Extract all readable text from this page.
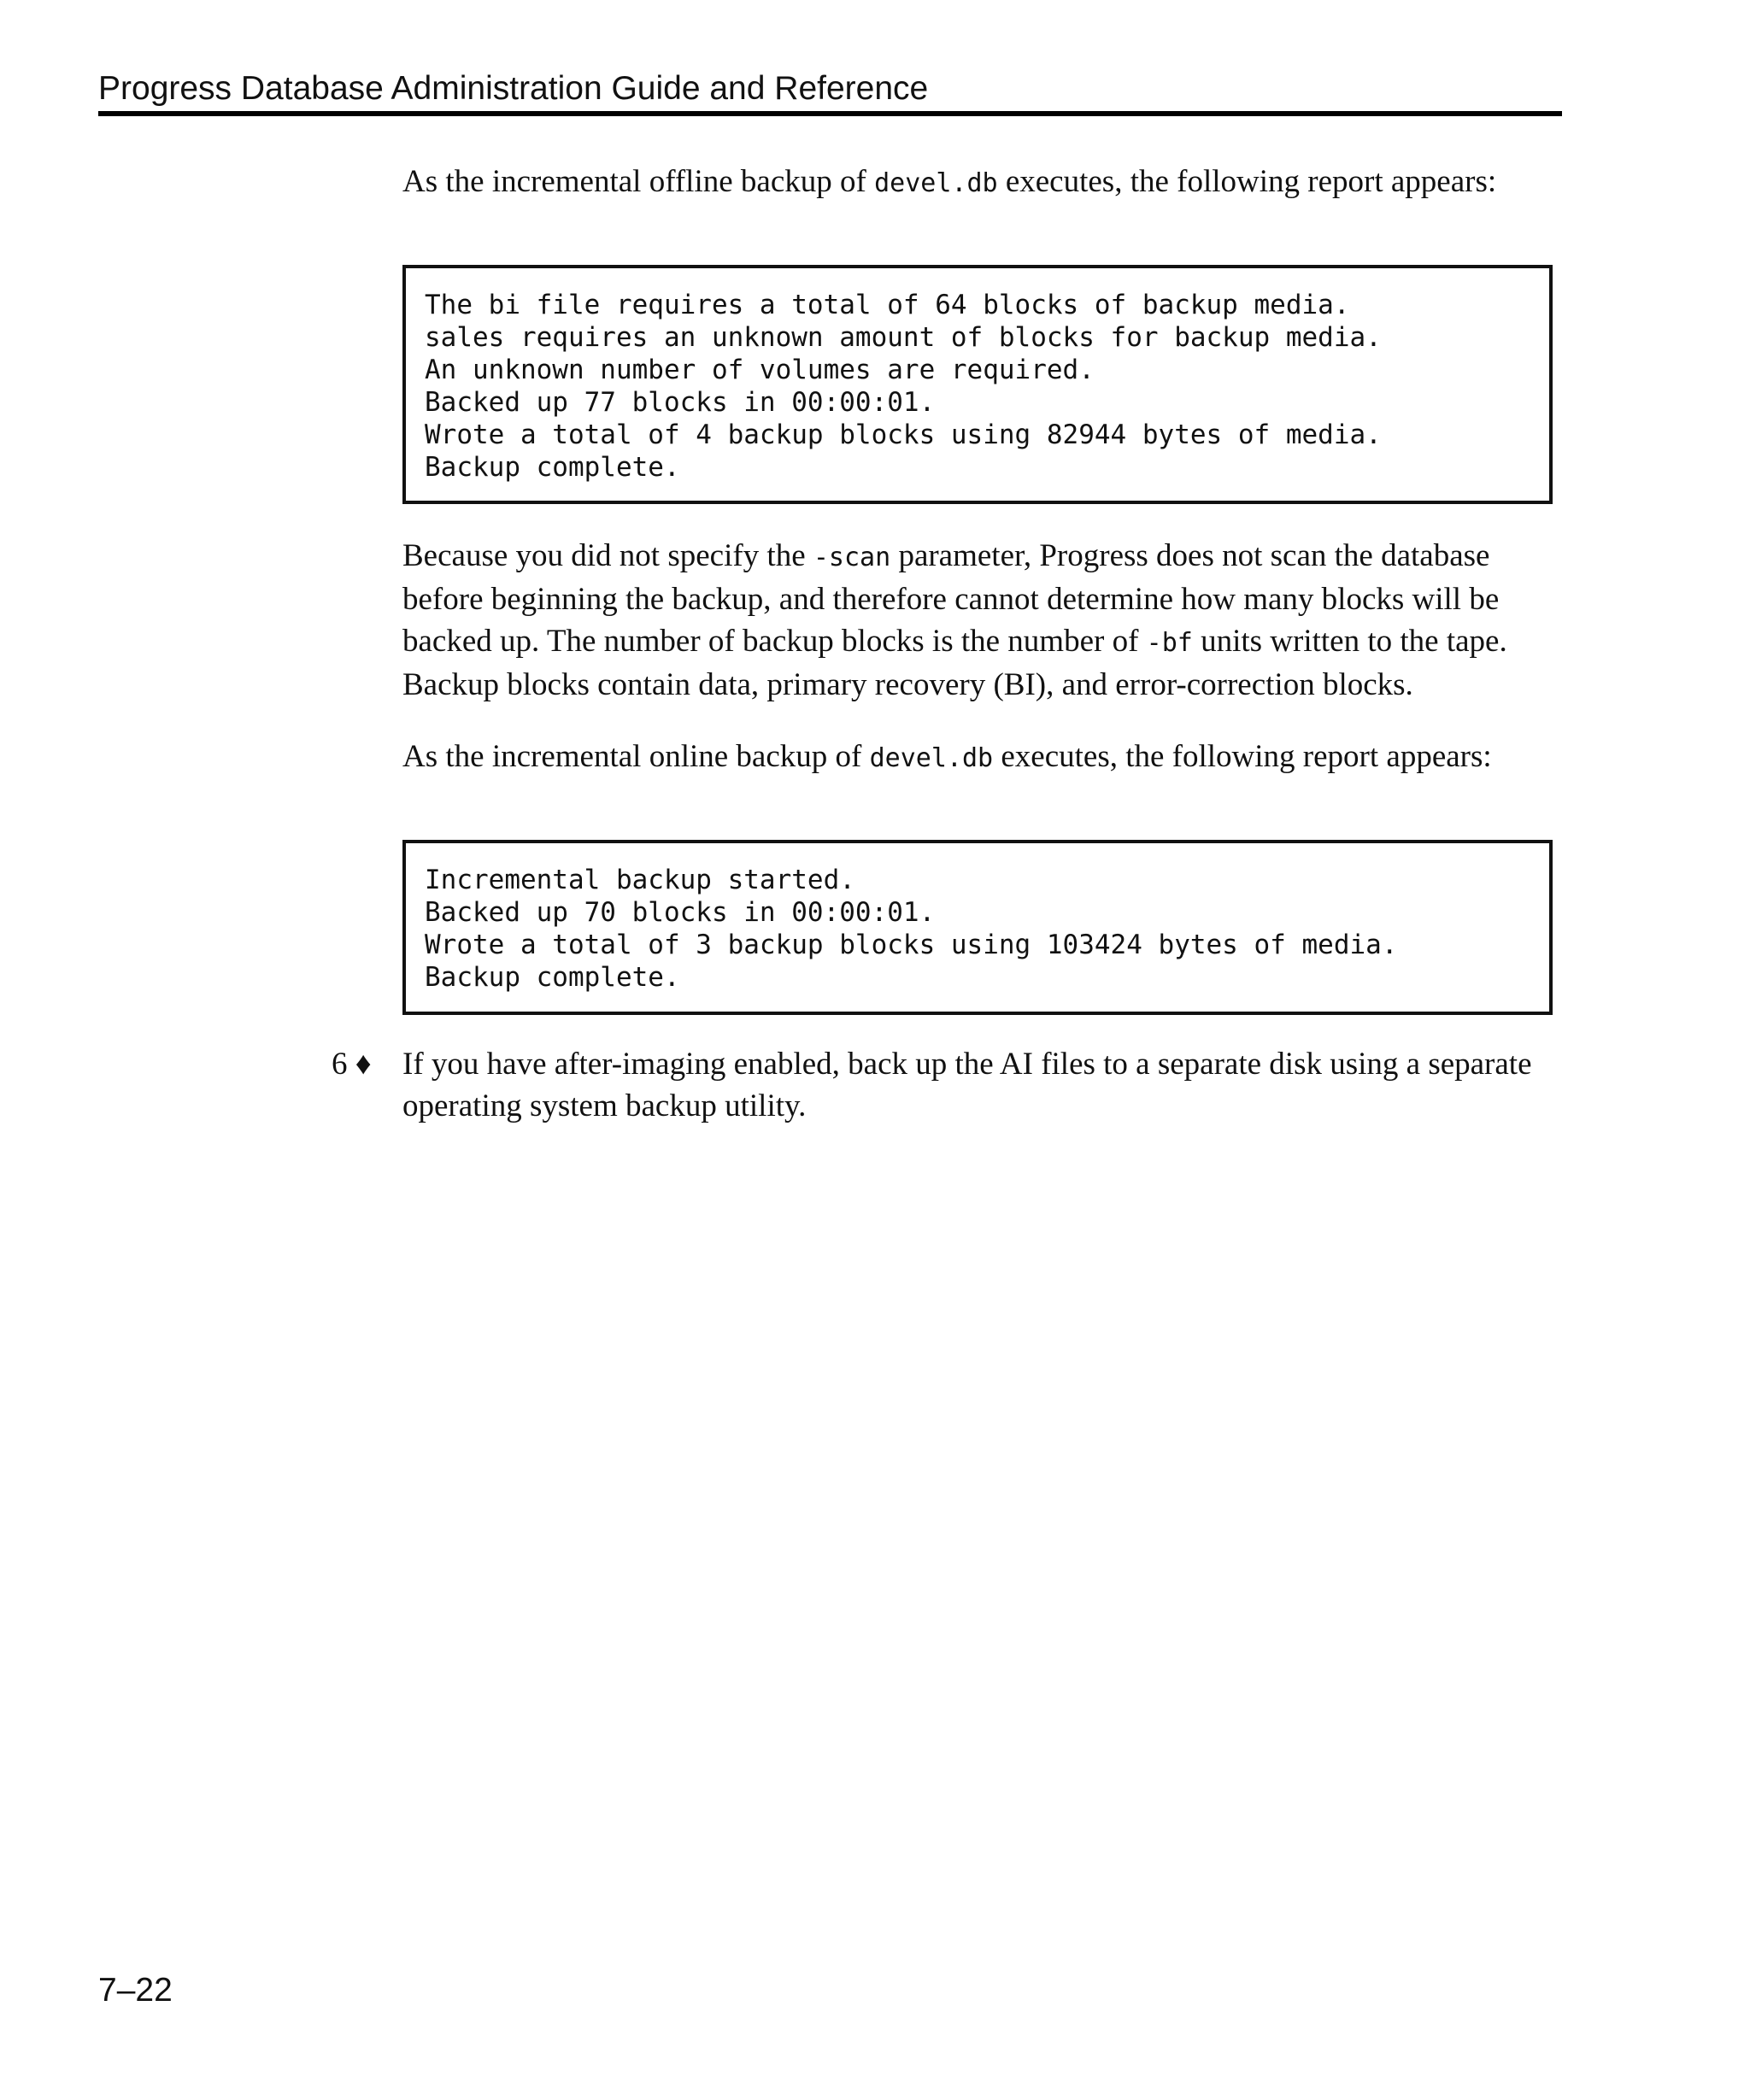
Progress Database Administration Guide and Reference
As the incremental offline backup of devel.db executes, the following report appears:
The bi file requires a total of 64 blocks of backup media.
sales requires an unknown amount of blocks for backup media.
An unknown number of volumes are required.
Backed up 77 blocks in 00:00:01.
Wrote a total of 4 backup blocks using 82944 bytes of media.
Backup complete.
Because you did not specify the -scan parameter, Progress does not scan the database before beginning the backup, and therefore cannot determine how many blocks will be backed up. The number of backup blocks is the number of -bf units written to the tape. Backup blocks contain data, primary recovery (BI), and error-correction blocks.
As the incremental online backup of devel.db executes, the following report appears:
Incremental backup started.
Backed up 70 blocks in 00:00:01.
Wrote a total of 3 backup blocks using 103424 bytes of media.
Backup complete.
6 ♦ If you have after-imaging enabled, back up the AI files to a separate disk using a separate operating system backup utility.
7–22
